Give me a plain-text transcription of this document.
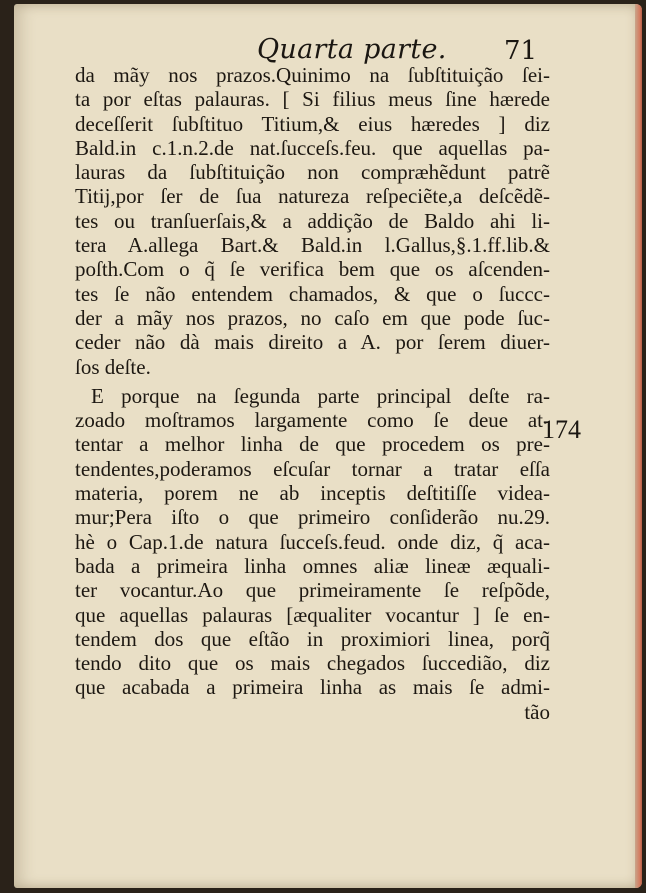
Quarta parte. 71
da mãy nos prazos.Quinimo na ſubſtituição ſei-
ta por eſtas palauras. [ Si filius meus ſine hærede
deceſſerit ſubſtituo Titium,& eius hæredes ] diz
Bald.in c.1.n.2.de nat.ſucceſs.feu. que aquellas pa-
lauras da ſubſtituição non compræhẽdunt patrẽ
Titij,por ſer de ſua natureza reſpeciẽte,a deſcẽdẽ-
tes ou tranſuerſais,& a addição de Baldo ahi li-
tera A.allega Bart.& Bald.in l.Gallus,§.1.ff.lib.&
poſth.Com o q̃ ſe verifica bem que os aſcenden-
tes ſe não entendem chamados, & que o ſuccc-
der a mãy nos prazos, no caſo em que pode ſuc-
ceder não dà mais direito a A. por ſerem diuer-
ſos deſte.
E porque na ſegunda parte principal deſte ra-
zoado moſtramos largamente como ſe deue at-
tentar a melhor linha de que procedem os pre-
tendentes,poderamos eſcuſar tornar a tratar eſſa
materia, porem ne ab inceptis deſtitiſſe videa-
mur;Pera iſto o que primeiro conſiderão nu.29.
hè o Cap.1.de natura ſucceſs.feud. onde diz, q̃ aca-
bada a primeira linha omnes aliæ lineæ æquali-
ter vocantur.Ao que primeiramente ſe reſpõde,
que aquellas palauras [æqualiter vocantur ] ſe en-
tendem dos que eſtão in proximiori linea, porq̃
tendo dito que os mais chegados ſuccedião, diz
que acabada a primeira linha as mais ſe admi-
tão
174
